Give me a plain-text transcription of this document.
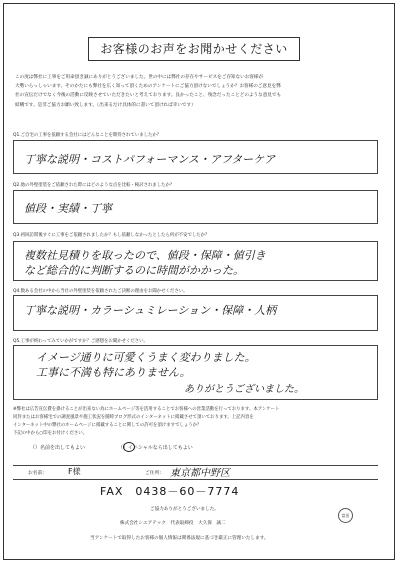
お客様のお声をお聞かせください
この度は弊社に工事をご用命頂き誠にありがとうございました。世の中には弊社の存在やサービスをご存知ないお客様が
大勢いらっしゃいます。そのかたにも弊社を広く知って頂くためのアンケートにご協力頂けないでしょうか？お客様のご意見を弊
社の宣伝だけでなく今後の活動に反映させていただきたいと考えております。良かったこと、残念だったことどのような意見でも
結構です。是非ご協力お願い致します。（出来るだけ具体的に書いて頂ければ幸いです）
Q1.ご自宅の工事を依頼する会社にはどんなことを期待されていましたか？
丁寧な説明・コストパフォーマンス・アフターケア
Q2.他の外壁塗装をご依頼された際にはどのような点を比較・検討されましたか？
値段・実績・丁寧
Q3.初回訪問後すぐに工事をご依頼されましたか？もし依頼しなかったとしたら何が不安でしたか？
複数社見積りを取ったので、値段・保障・値引き
など総合的に判断するのに時間がかかった。
Q4.数ある会社の中から当社の外壁塗装を依頼されたご決断の理由をお聞かせください。
丁寧な説明・カラーシュミレーション・保障・人柄
Q5.工事が終わってみていかがですか？ご感想をお聞かせください。
イメージ通りに可愛くうまく変わりました。
工事に不満も特にありません。
ありがとうございました。
※弊社は広告宣伝費を掛けることが出来ない為にホームページ等を活用することでお客様への営業活動を行っております。本アンケート
同封またはお客様宅での調査風景や施工状況を随時ブログ形式のインターネットに掲載させて頂いております。上記内容を
インターネット中の弊社のホームページに掲載することに関しての許可を頂けますでしょうか？
下記の中から○印をお付けください。
（）名前を出してもよい	（）イニシャルなら出してもよい
お名前:	F様	ご住所: 東京都中野区
FAX　0438－60－7774
ご協力ありがとうございました。
株式会社シエアテック　代表取締役　大久保　誠二
当アンケートで取得したお客様の個人情報は関係法規に基づき厳正に管理いたします。
富田
